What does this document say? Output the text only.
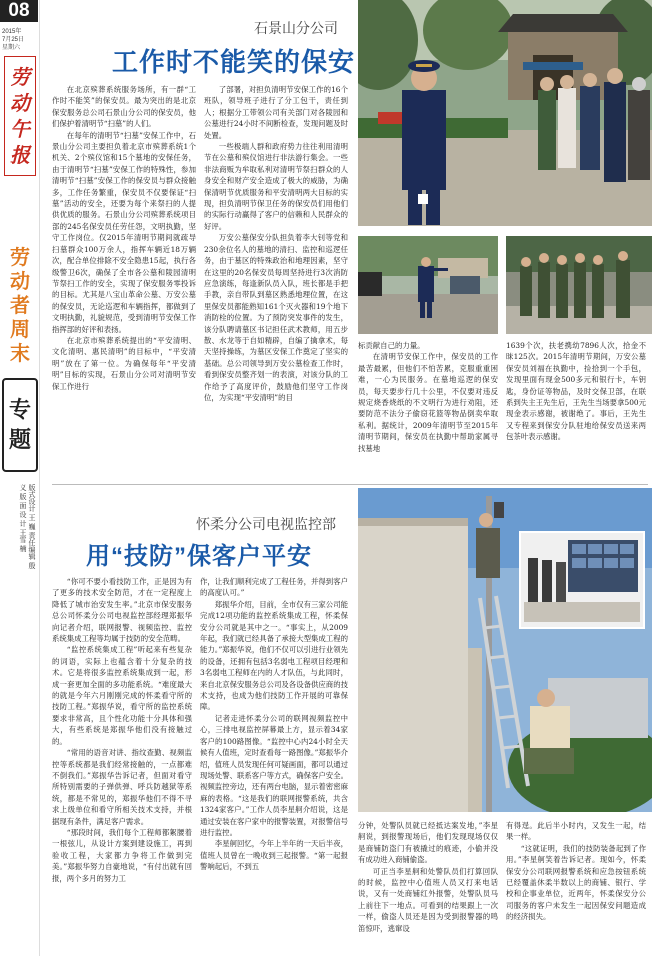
08
2015年
7月25日
星期六
劳
动
午
报
劳
动
者
周
末
专
题
版式设计 王 巍 责任编辑 殷 义 版 面 设 计 王雪 楠
石景山分公司
工作时不能笑的保安

在北京殡葬系统服务场所，有一群“工作时不能笑”的保安员。最为突出的是北京保安服务总公司石景山分公司的保安员，他们保护着清明节“扫墓”的人们。

在每年的清明节“扫墓”安保工作中，石景山分公司主要担负着北京市殡葬系统1个机关、2个殡仪馆和15个墓地的安保任务，由于清明节“扫墓”安保工作的特殊性，参加清明节“扫墓”安保工作的保安员与群众接触多，工作任务繁重，保安员不仅要保证“扫墓”活动的安全，还要为每个来祭扫的人提供优质的服务。石景山分公司殡葬系统项目部的245名保安员任劳任怨，文明执勤，坚守工作岗位。仅2015年清明节期间就疏导扫墓群众100万余人，指挥车辆近18万辆次，配合单位排除不安全隐患15起，执行各级警卫6次，确保了全市各公墓和陵园清明节祭扫工作的安全，实现了保安服务零投诉的目标。尤其是八宝山革命公墓、万安公墓的保安员，无论巡逻和车辆指挥，都做到了文明执勤，礼貌规范，受到清明节安保工作指挥部的好评和表扬。

在北京市殡葬系统提出的“平安清明、文化清明、惠民清明”的目标中，“平安清明”放在了第一位。为确保每年“平安清明”目标的实现，石景山分公司对清明节安保工作进行

了部署，对担负清明节安保工作的16个班队，领导班子进行了分工包干，责任到人；根据分工带领公司有关部门对各陵园和公墓进行24小时不间断检查，发现问题及时处置。

一些极端人群和政府势力往往利用清明节在公墓和殡仪馆进行非法游行集会。一些非法商贩为牟取私利对清明节祭扫群众的人身安全和财产安全造成了极大的威胁，为确保清明节优质服务和平安清明两大目标的实现，担负清明节保卫任务的保安员们用他们的实际行动赢得了客户的信赖和人民群众的好评。

万安公墓保安分队担负着李大钊等党和230余位名人的墓地的清扫、监控和巡逻任务，由于墓区的特殊政治和地理因素，坚守在这里的20名保安员每周坚持进行3次消防应急演练，每逢新队员入队，班长都是手把手教，亲自带队到墓区熟悉地理位置，在这里保安员都能熟知161个灭火器和19个地下消防栓的位置。为了预防突发事件的发生，该分队聘请墓区书记担任武术教师，用五步散、水龙等于自如精辟，自编了擒拿术，每天坚持操练，为墓区安保工作奠定了坚实的基础。总公司领导到万安公墓检查工作时，看到保安员整齐划一的表演，对该分队的工作给予了高度评价，鼓励他们坚守工作岗位，为实现“平安清明”的目

标贡献自己的力量。

在清明节安保工作中，保安员的工作最苦最累，但他们不怕苦累，克服重重困难，一心为民服务。在墓地巡逻的保安员，每天要步行几十公里，不仅要对违反规定烧香烧纸的不文明行为进行劝阻，还要防范不法分子偷窃花篮等物品倒卖牟取私利。据统计，2009年清明节至2015年清明节期间，保安员在执勤中帮助家属寻找墓地

1639个次，扶老携幼7896人次，拾金不昧125次。2015年清明节期间，万安公墓保安员刘福在执勤中，捡拾到一个手包，发现里面有现金500多元和银行卡，车钥匙，身份证等物品，及时交保卫部，在联系到失主王先生后，王先生当场要拿500元现金表示感谢，被谢绝了。事后，王先生又专程来到保安分队驻地给保安员送来两包茶叶表示感谢。

怀柔分公司电视监控部
用“技防”保客户平安

“你可不要小看技防工作，正是因为有了更多的技术安全防范，才在一定程度上降低了城市治安发生率。”北京市保安服务总公司怀柔分公司电视监控部经理郑振华向记者介绍，联网报警、视频监控、监控系统集成工程等均属于技防的安全范畴。

“监控系统集成工程”听起来有些复杂的词语，实际上也蕴含着十分复杂的技术。它是将很多监控系统集成到一起，形成一套更加全面的多功能系统。“难度最大的就是今年六月刚刚完成的怀柔看守所的技防工程。”郑振华说，看守所的监控系统要求非常高，且个性化功能十分具体和强大，有些系统是郑振华他们没有接触过的。

“常用的语音对讲、指纹查勤、视频监控等系统都是我们经常接触的，一点都难不倒我们。”郑振华告诉记者，但面对看守所特别需要的子弹供弹、呼兵防越狱等系统，都是不常见的，郑振华他们不得不寻求上级单位和看守所相关技术支持，并根据现有条件，满足客户需求。

“那段时间，我们每个工程师都絮腰着一根弦儿，从设计方案到建设施工，再到验收工程，大家都力争将工作做到完美。”郑振华努力自豪地说，“有付出就有回报，两个多月的努力工

作，让我们顺利完成了工程任务，并得到客户的高度认可。”

郑振华介绍，目前，全市仅有三家公司能完成12项功能的监控系统集成工程，怀柔保安分公司就是其中之一。“事实上，从2009年起，我们就已经具备了承接大型集成工程的能力。”郑振华说，他们不仅可以引进行业领先的设备，还拥有包括3名弱电工程项目经理和3名弱电工程师在内的人才队伍，与此同时，来自北京保安服务总公司及各设备供应商的技术支持，也成为他们技防工作开展的可靠保障。

记者走进怀柔分公司的联网视频监控中心，三排电视监控屏幕最上方，显示着34家客户的100路图像。“监控中心内24小时全天候有人值班，定时查看每一路图像。”郑振华介绍，值班人员发现任何可疑画面，都可以通过现场处警、联系客户等方式，确保客户安全。视频监控旁边，还有两台电脑，显示着密密麻麻的表格。“这是我们的联网报警系统，共含1324家客户。”工作人员李星舸介绍说，这是通过安装在客户家中的报警装置，对报警信号进行监控。

李星舸回忆，今年上半年的一天后半夜，值班人员曾在一晚收到三起报警。“第一起报警响起后，不到五

分钟，处警队员就已经抵达案发地，”李星舸说，到报警现场后，他们发现现场仅仅是商铺防盗门有被撬过的痕迹，小偷并没有成功进入商铺偷盗。

可正当李星舸和处警队员们打算回队的时候，监控中心值班人员又打来电话说，又有一处商铺红外报警，处警队员马上前往下一地点。可看到的结果跟上一次一样，偷盗人员还是因为受到报警器的鸣笛惊吓，逃窜设

有得逞。此后半小时内，又发生一起，结果一样。

“这就证明，我们的技防装备起到了作用。”李星舸笑着告诉记者。现如今，怀柔保安分公司联网报警系统和应急按钮系统已经覆盖休柔半数以上的商铺、银行、学校和企事业单位，近两年，怀柔保安分公司服务的客户未发生一起因保安问题造成的经济损失。
